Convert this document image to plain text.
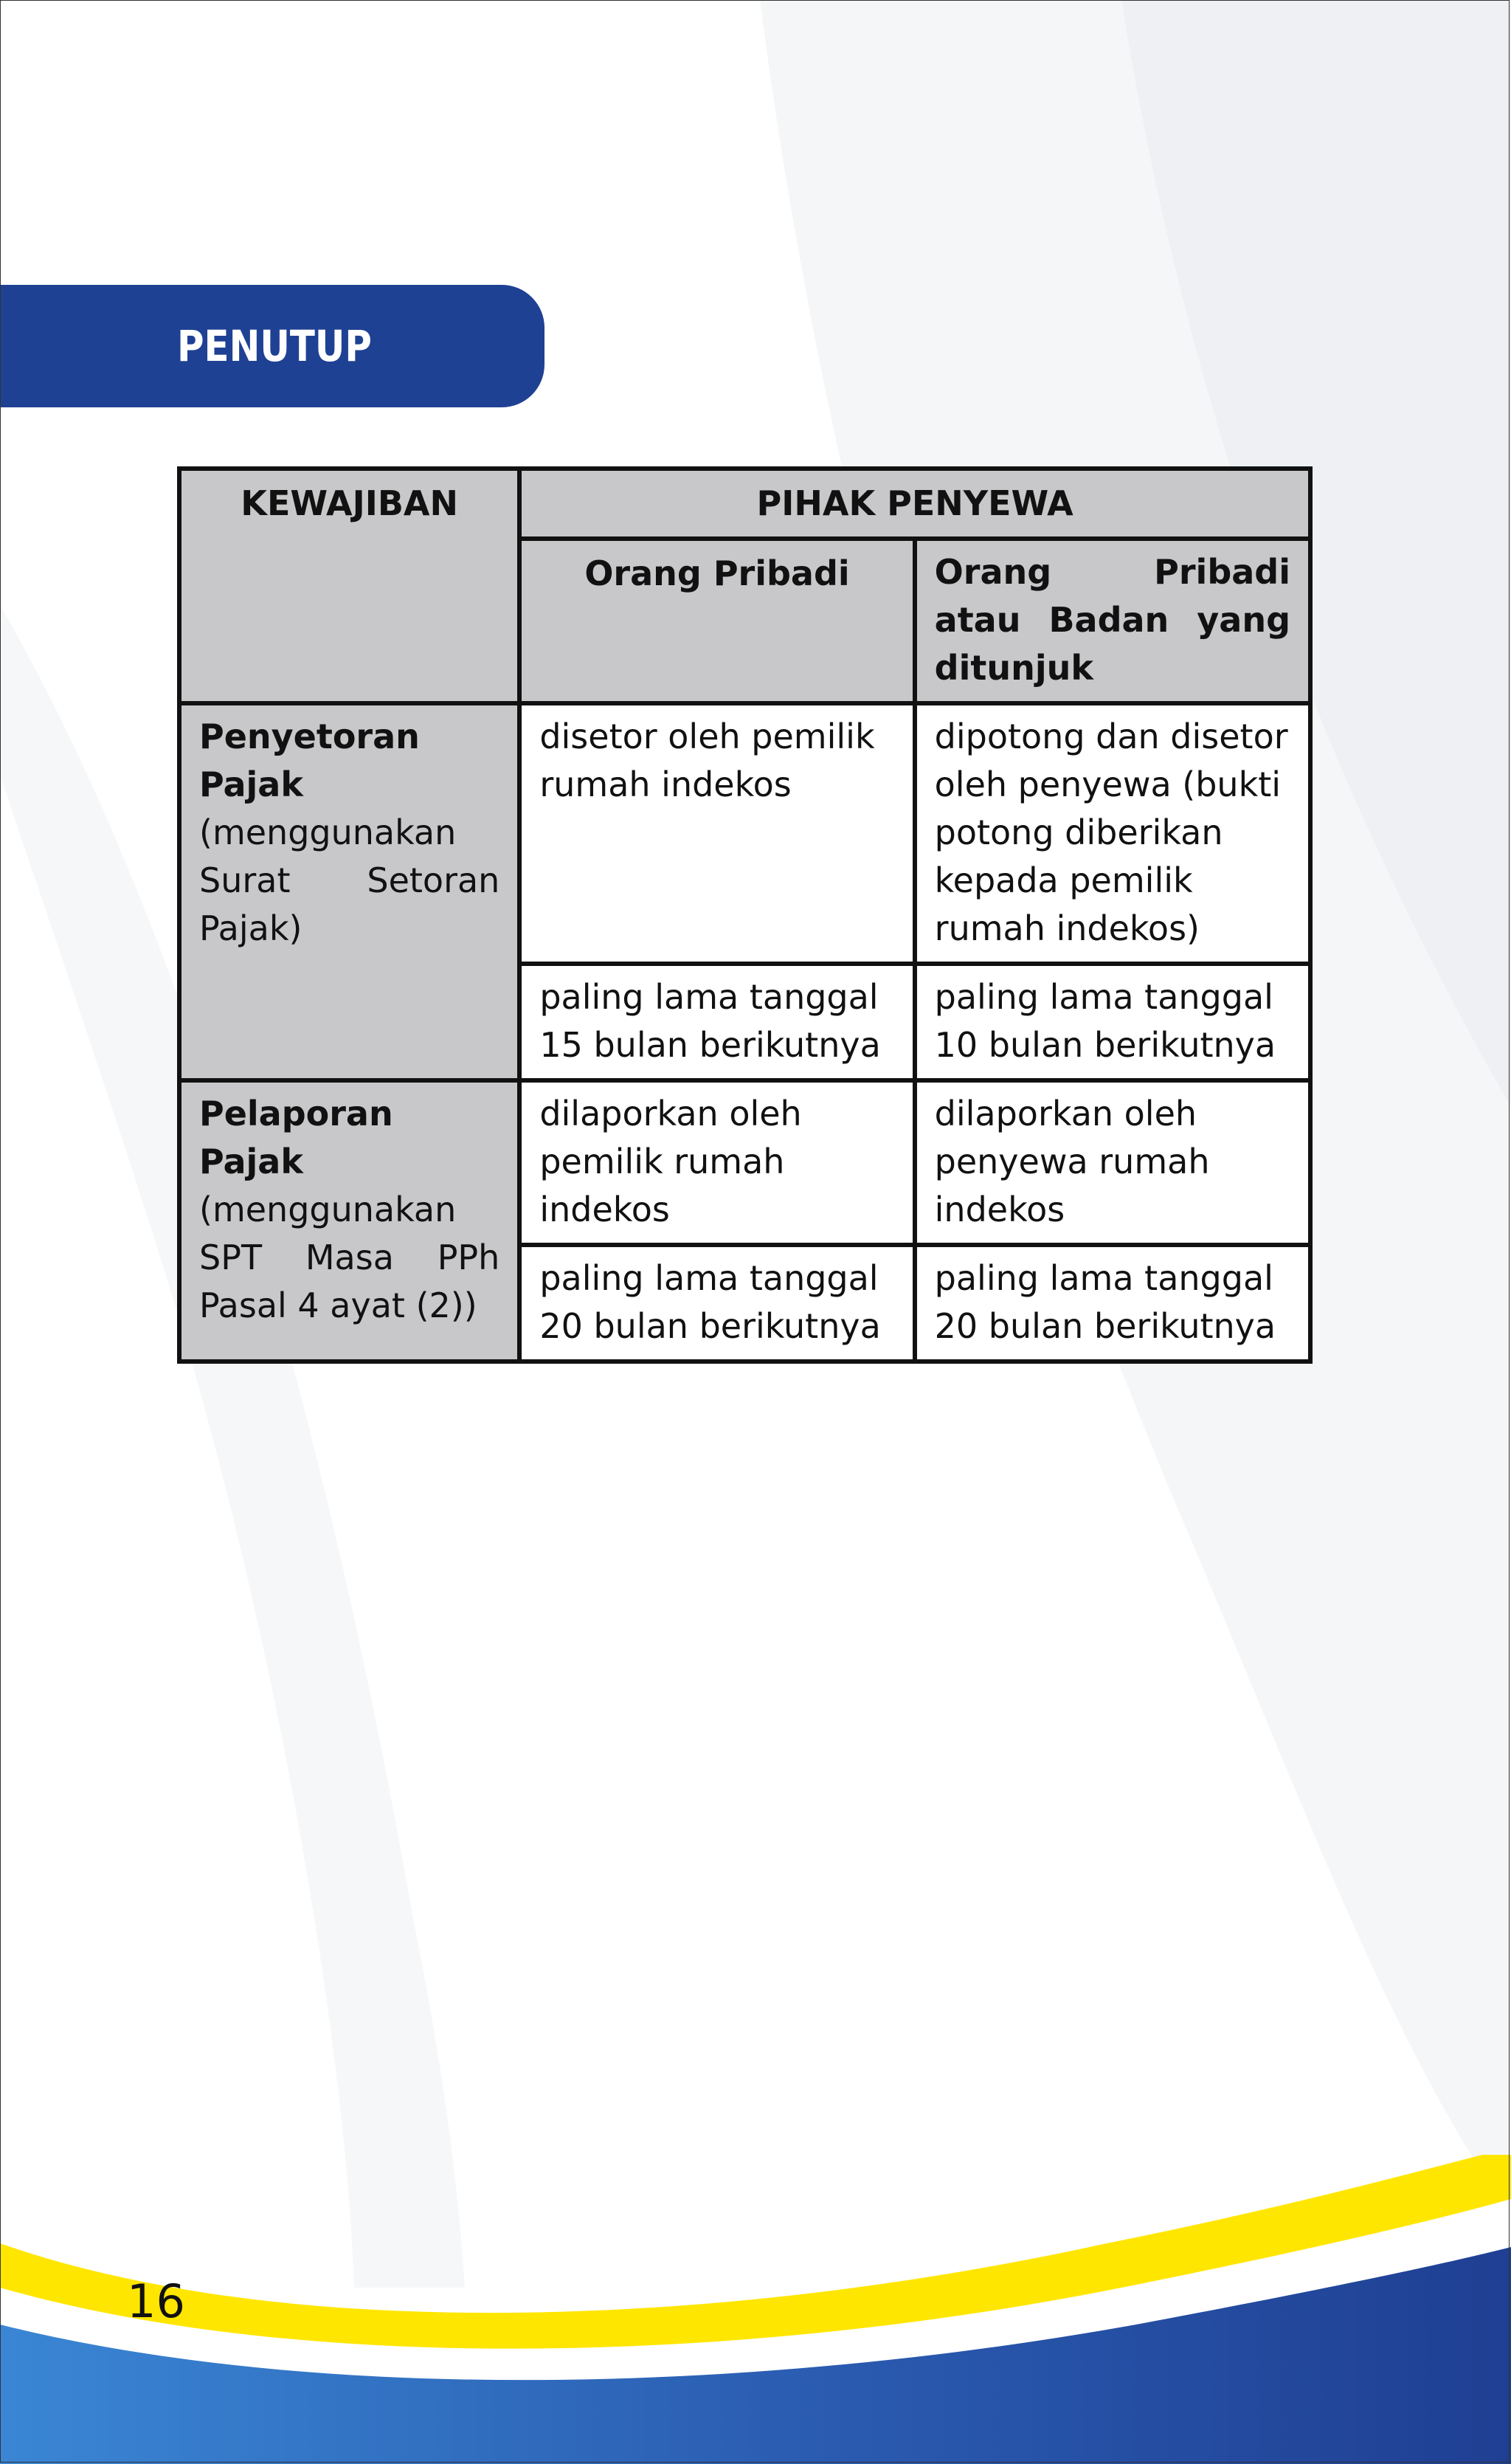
PENUTUP
KEWAJIBAN	PIHAK PENYEWA	
	Orang Pribadi	Orang Pribadi atau Badan yang ditunjuk
Penyetoran Pajak (menggunakan Surat Setoran Pajak)	disetor oleh pemilik rumah indekos	dipotong dan disetor oleh penyewa (bukti potong diberikan kepada pemilik rumah indekos)
	paling lama tanggal 15 bulan berikutnya	paling lama tanggal 10 bulan berikutnya
Pelaporan Pajak (menggunakan SPT Masa PPh Pasal 4 ayat (2))	dilaporkan oleh pemilik rumah indekos	dilaporkan oleh penyewa rumah indekos
	paling lama tanggal 20 bulan berikutnya	paling lama tanggal 20 bulan berikutnya
16
